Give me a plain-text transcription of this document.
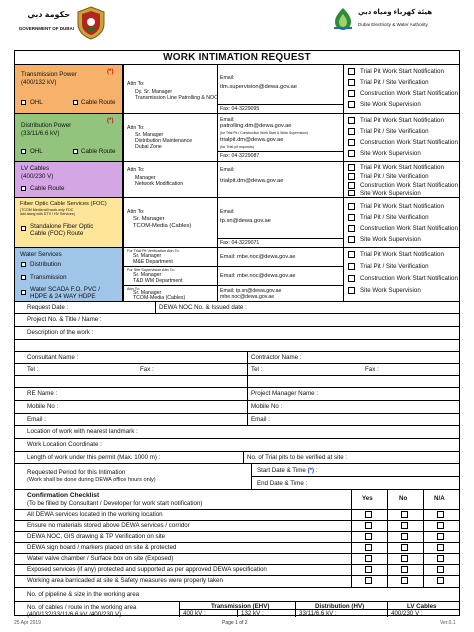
حكومة دبي
GOVERNMENT OF DUBAI
هيئة كهرباء ومياه دبي
Dubai Electricity & Water Authority
WORK INTIMATION REQUEST
Transmission Power	(*)
(400/132 kV)
OHL	Cable Route
Attn To:
Dy. Sr. Manager
Transmission Line Patrolling & NOC
Email:
tlm.supervision@dewa.gov.ae
Fax: 04-3229095
Trial Pit Work Start Notification
Trial Pit / Site Verification
Construction Work Start Notification
Site Work Supervision
Distribution Power
(*)
(33/11/6.6 kV)
OHL	Cable Route
Attn To:
Sr. Manager
Distribution Maintenance
Dubai Zone
Email:
patrolling.dm@dewa.gov.ae
(for Trial Pit / Construction Work Start & Work Supervision)
trialpit.dm@dewa.gov.ae
(for Trial pit requests)
Fax: 04-3229087
Trial Pit Work Start Notification
Trial Pit / Site Verification
Construction Work Start Notification
Site Work Supervision
LV Cables
(400/230 V)
Cable Route
Attn To:
Manager
Network Modification
Email:
trialpit.dm@dewa.gov.ae
Trial Pit Work Start Notification
Trial Pit / Site Verification
Construction Work Start Notification
Site Work Supervision
Fiber Optic Cable Services (FOC)
(TCOM Media will work only FOC
laid along with DTV / HV Services)
Standalone Fiber Optic
Cable (FOC) Route
Attn To:
Sr. Manager
TCOM-Media (Cables)
Email:
tp.sn@dewa.gov.ae
Fax: 04-3229071
Trial Pit Work Start Notification
Trial Pit / Site Verification
Construction Work Start Notification
Site Work Supervision
Water Services
Distribution
Transmission
Water SCADA F.O. PVC /
HDPE & 24 WAY HDPE
For Trial Pit Verification Attn To:
Sr. Manager
M&E Department
Email: mbe.noc@dewa.gov.ae
For Site Supervision Attn To:
Sr. Manager
T&D WM Department
Email: mbe.noc@dewa.gov.ae
Attn To:
Sr. Manager
TCOM-Media (Cables)
Email: tp.sn@dewa.gov.ae
mbe.noc@dewa.gov.ae
Trial Pit Work Start Notification
Trial Pit / Site Verification
Construction Work Start Notification
Site Work Supervision
Request Date :	DEWA NOC No. & Issued date :
Project No. & Title / Name :
Description of the work :
Consultant Name :	Contractor Name :
Tel :	Fax :	Tel :	Fax :
RE Name :	Project Manager Name :
Mobile No :	Mobile No :
Email :	Email :
Location of work with nearest landmark :
Work Location Coordinate :
Length of work under this permit (Max. 1000 m) :	No. of Trial pits to be verified at site :
Requested Period for this Intimation
(Work shall be done during DEWA office hours only)
Start Date & Time (*) :
End Date & Time :
Confirmation Checklist
(To be filled by Consultant / Developer for work start notification)
Yes	No	N/A
All DEWA services located in the working location
Ensure no materials stored above DEWA services / corridor
DEWA NOC, GIS drawing & TP Verification on site
DEWA sign board / markers placed on site & protected
Water valve chamber / Surface box on site (Exposed)
Exposed services (if any) protected and supported as per approved DEWA specification
Working area barricaded at site & Safety measures were properly taken
No. of pipeline & size in the working area
No. of cables / route in the working area
(400/132/33/11/6.6 kV /400/230 V)
Transmission (EHV)	Distribution (HV)	LV Cables
400 kV :	132 kV :	33/11/6.6 kV :	400/230 V :
25 Apr 2019	Page 1 of 2	Ver.0.1
